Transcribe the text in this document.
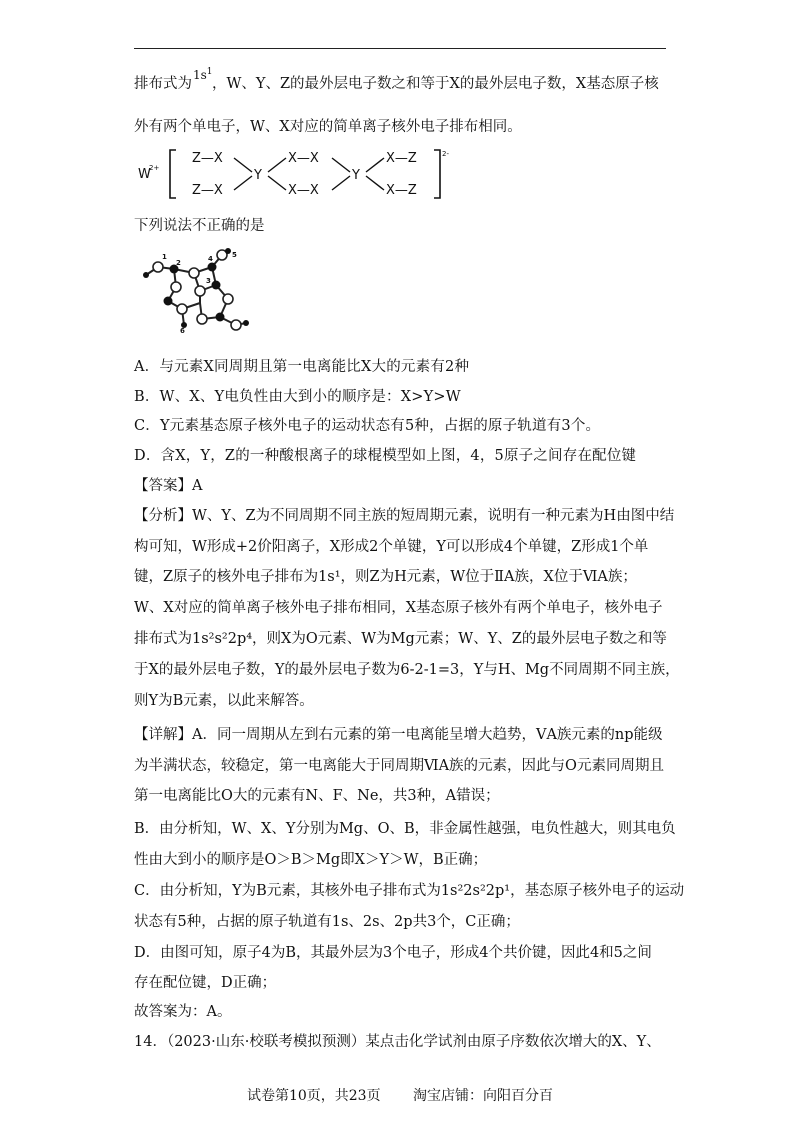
$1s^1$
排布式为 ，W、Y、Z的最外层电子数之和等于X的最外层电子数，X基态原子核
外有两个单电子，W、X对应的简单离子核外电子排布相同。
W
2+
Z—X
Z—X
Y
X—X
X—X
Y
X—Z
X—Z
2-
下列说法不正确的是
2	4	5
1
3
6
A．与元素X同周期且第一电离能比X大的元素有2种
B．W、X、Y电负性由大到小的顺序是：X>Y>W
C．Y元素基态原子核外电子的运动状态有5种，占据的原子轨道有3个。
D．含X，Y，Z的一种酸根离子的球棍模型如上图，4，5原子之间存在配位键
【答案】A
【分析】W、Y、Z为不同周期不同主族的短周期元素，说明有一种元素为H由图中结
构可知，W形成+2价阳离子，X形成2个单键，Y可以形成4个单键，Z形成1个单
键，Z原子的核外电子排布为1s¹，则Z为H元素，W位于ⅡA族，X位于ⅥA族；
W、X对应的简单离子核外电子排布相同，X基态原子核外有两个单电子，核外电子
排布式为1s²s²2p⁴，则X为O元素、W为Mg元素；W、Y、Z的最外层电子数之和等
于X的最外层电子数，Y的最外层电子数为6-2-1=3，Y与H、Mg不同周期不同主族，
则Y为B元素，以此来解答。
【详解】A．同一周期从左到右元素的第一电离能呈增大趋势，ⅤA族元素的np能级
为半满状态，较稳定，第一电离能大于同周期ⅥA族的元素，因此与O元素同周期且
第一电离能比O大的元素有N、F、Ne，共3种，A错误；
B．由分析知，W、X、Y分别为Mg、O、B，非金属性越强，电负性越大，则其电负
性由大到小的顺序是O＞B＞Mg即X＞Y＞W，B正确；
C．由分析知，Y为B元素，其核外电子排布式为1s²2s²2p¹，基态原子核外电子的运动
状态有5种，占据的原子轨道有1s、2s、2p共3个，C正确；
D．由图可知，原子4为B，其最外层为3个电子，形成4个共价键，因此4和5之间
存在配位键，D正确；
故答案为：A。
14．（2023·山东·校联考模拟预测）某点击化学试剂由原子序数依次增大的X、Y、
试卷第10页，共23页 淘宝店铺：向阳百分百
